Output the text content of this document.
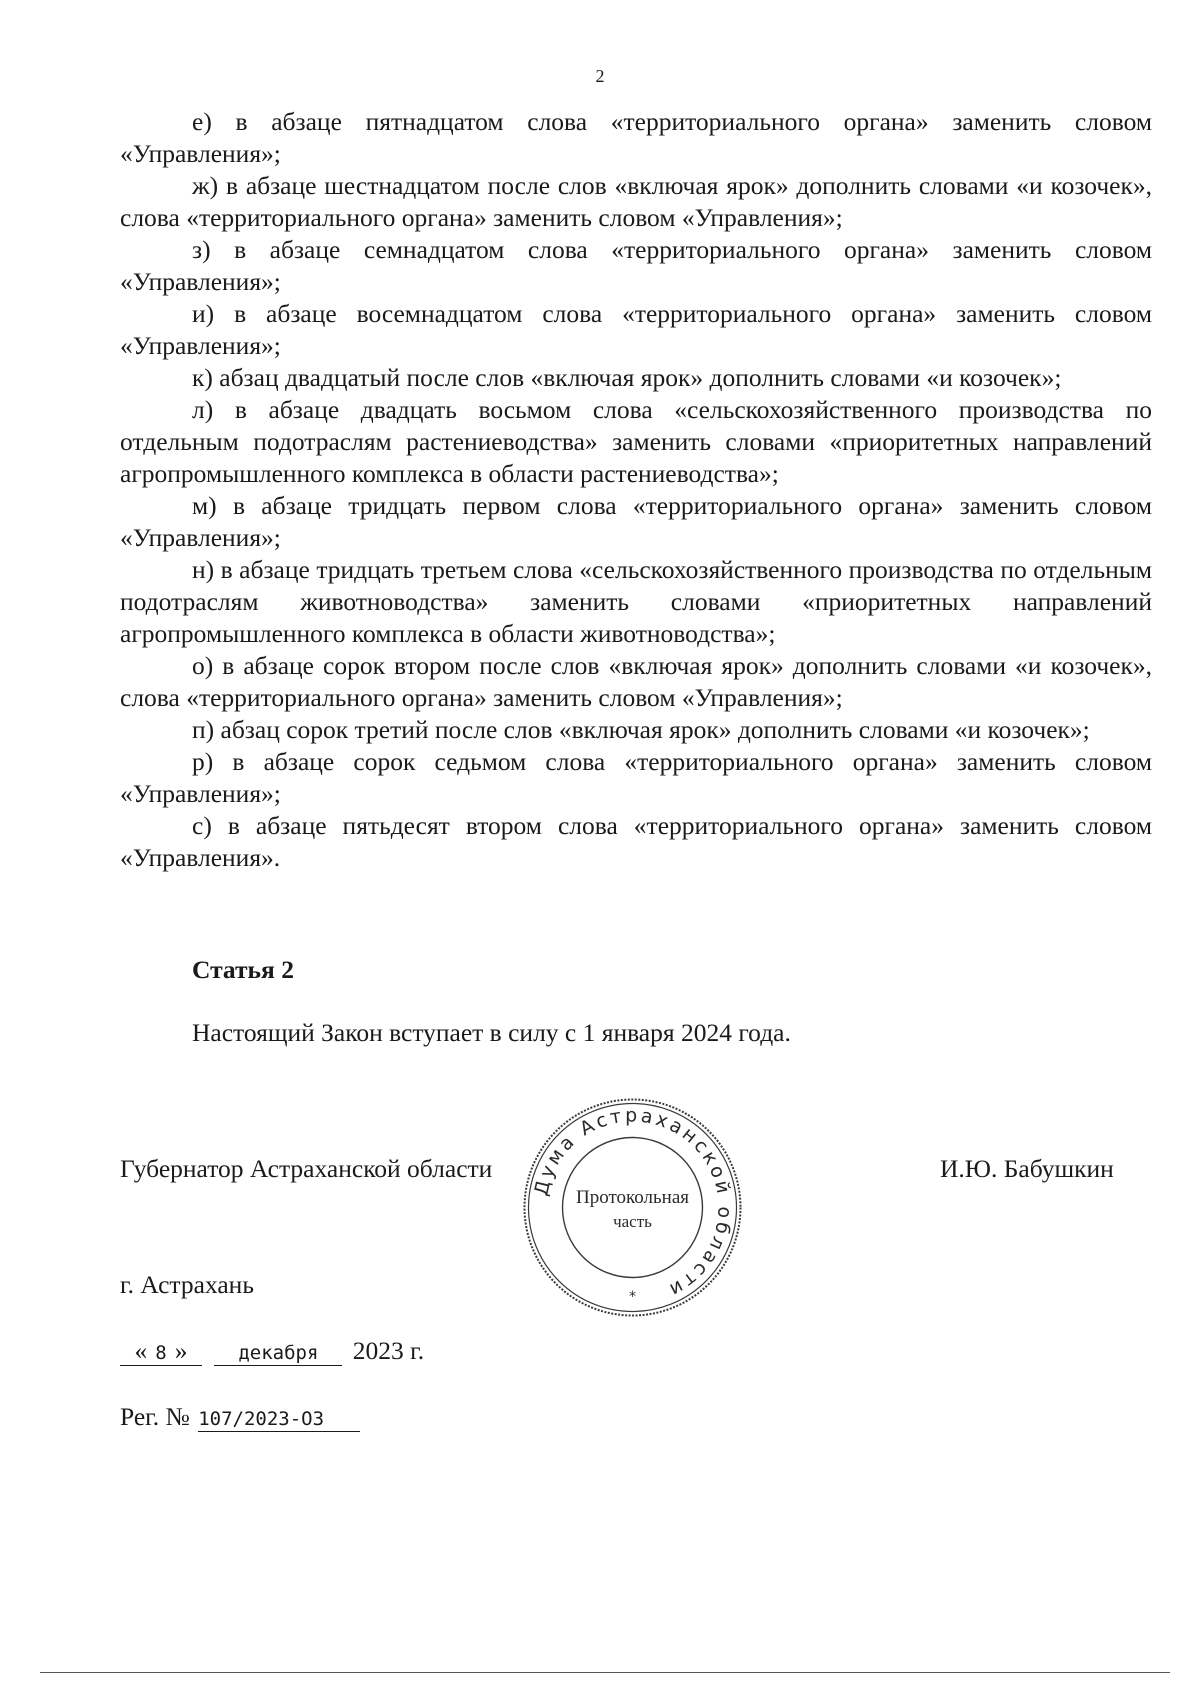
2

е) в абзаце пятнадцатом слова «территориального органа» заменить словом «Управления»;

ж) в абзаце шестнадцатом после слов «включая ярок» дополнить словами «и козочек», слова «территориального органа» заменить словом «Управления»;

з) в абзаце семнадцатом слова «территориального органа» заменить словом «Управления»;

и) в абзаце восемнадцатом слова «территориального органа» заменить словом «Управления»;

к) абзац двадцатый после слов «включая ярок» дополнить словами «и козочек»;

л) в абзаце двадцать восьмом слова «сельскохозяйственного производства по отдельным подотраслям растениеводства» заменить словами «приоритетных направлений агропромышленного комплекса в области растениеводства»;

м) в абзаце тридцать первом слова «территориального органа» заменить словом «Управления»;

н) в абзаце тридцать третьем слова «сельскохозяйственного производства по отдельным подотраслям животноводства» заменить словами «приоритетных направлений агропромышленного комплекса в области животноводства»;

о) в абзаце сорок втором после слов «включая ярок» дополнить словами «и козочек», слова «территориального органа» заменить словом «Управления»;

п) абзац сорок третий после слов «включая ярок» дополнить словами «и козочек»;

р) в абзаце сорок седьмом слова «территориального органа» заменить словом «Управления»;

с) в абзаце пятьдесят втором слова «территориального органа» заменить словом «Управления».

Статья 2
Настоящий Закон вступает в силу с 1 января 2024 года.
Губернатор Астраханской области	И.Ю. Бабушкин
Дума Астраханской области
Протокольная
часть
*
г. Астрахань
« 8 »	декабря 2023 г.
Рег. № 107/2023-ОЗ
